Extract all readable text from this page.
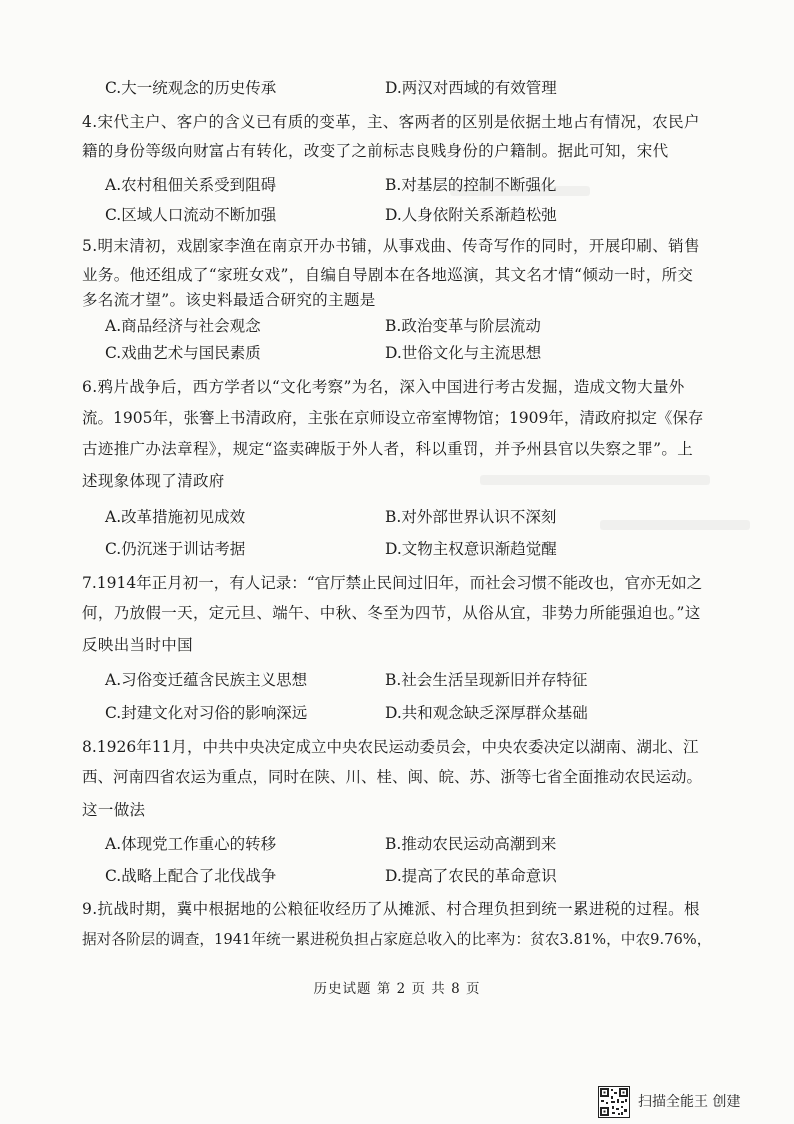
C.大一统观念的历史传承	D.两汉对西域的有效管理
4.宋代主户、客户的含义已有质的变革，主、客两者的区别是依据土地占有情况，农民户
籍的身份等级向财富占有转化，改变了之前标志良贱身份的户籍制。据此可知，宋代
A.农村租佃关系受到阻碍	B.对基层的控制不断强化
C.区域人口流动不断加强	D.人身依附关系渐趋松弛
5.明末清初，戏剧家李渔在南京开办书铺，从事戏曲、传奇写作的同时，开展印刷、销售
业务。他还组成了“家班女戏”，自编自导剧本在各地巡演，其文名才情“倾动一时，所交
多名流才望”。该史料最适合研究的主题是
A.商品经济与社会观念	B.政治变革与阶层流动
C.戏曲艺术与国民素质	D.世俗文化与主流思想
6.鸦片战争后，西方学者以“文化考察”为名，深入中国进行考古发掘，造成文物大量外
流。1905年，张謇上书清政府，主张在京师设立帝室博物馆；1909年，清政府拟定《保存
古迹推广办法章程》，规定“盗卖碑版于外人者，科以重罚，并予州县官以失察之罪”。上
述现象体现了清政府
A.改革措施初见成效	B.对外部世界认识不深刻
C.仍沉迷于训诂考据	D.文物主权意识渐趋觉醒
7.1914年正月初一，有人记录：“官厅禁止民间过旧年，而社会习惯不能改也，官亦无如之
何，乃放假一天，定元旦、端午、中秋、冬至为四节，从俗从宜，非势力所能强迫也。”这
反映出当时中国
A.习俗变迁蕴含民族主义思想	B.社会生活呈现新旧并存特征
C.封建文化对习俗的影响深远	D.共和观念缺乏深厚群众基础
8.1926年11月，中共中央决定成立中央农民运动委员会，中央农委决定以湖南、湖北、江
西、河南四省农运为重点，同时在陕、川、桂、闽、皖、苏、浙等七省全面推动农民运动。
这一做法
A.体现党工作重心的转移	B.推动农民运动高潮到来
C.战略上配合了北伐战争	D.提高了农民的革命意识
9.抗战时期，冀中根据地的公粮征收经历了从摊派、村合理负担到统一累进税的过程。根
据对各阶层的调查，1941年统一累进税负担占家庭总收入的比率为：贫农3.81%，中农9.76%，
历史试题 第 2 页 共 8 页
扫描全能王 创建
